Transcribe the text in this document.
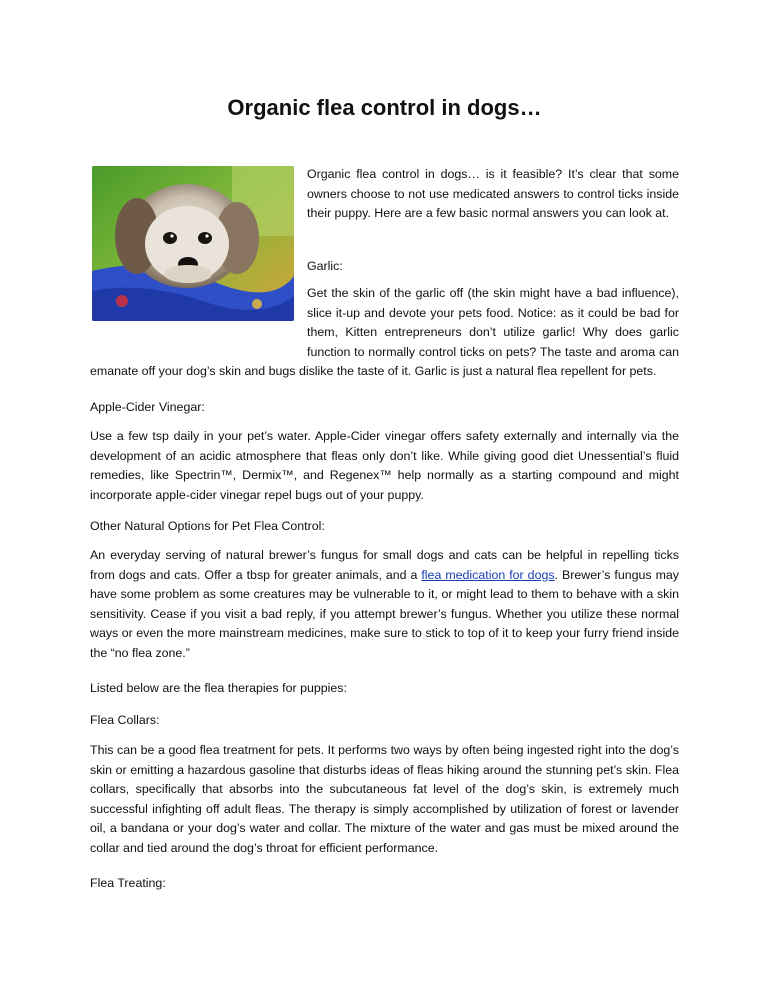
Organic flea control in dogs…

Organic flea control in dogs… is it feasible? It’s clear that some owners choose to not use medicated answers to control ticks inside their puppy. Here are a few basic normal answers you can look at.

Garlic:

Get the skin of the garlic off (the skin might have a bad influence), slice it-up and devote your pets food. Notice: as it could be bad for them, Kitten entrepreneurs don’t utilize garlic! Why does garlic function to normally control ticks on pets? The taste and aroma can emanate off your dog’s skin and bugs dislike the taste of it. Garlic is just a natural flea repellent for pets.

Apple-Cider Vinegar:

Use a few tsp daily in your pet’s water. Apple-Cider vinegar offers safety externally and internally via the development of an acidic atmosphere that fleas only don’t like. While giving good diet Unessential’s fluid remedies, like Spectrin™, Dermix™, and Regenex™ help normally as a starting compound and might incorporate apple-cider vinegar repel bugs out of your puppy.

Other Natural Options for Pet Flea Control:

An everyday serving of natural brewer’s fungus for small dogs and cats can be helpful in repelling ticks from dogs and cats. Offer a tbsp for greater animals, and a flea medication for dogs. Brewer’s fungus may have some problem as some creatures may be vulnerable to it, or might lead to them to behave with a skin sensitivity. Cease if you visit a bad reply, if you attempt brewer’s fungus. Whether you utilize these normal ways or even the more mainstream medicines, make sure to stick to top of it to keep your furry friend inside the “no flea zone.”

Listed below are the flea therapies for puppies:

Flea Collars:

This can be a good flea treatment for pets. It performs two ways by often being ingested right into the dog’s skin or emitting a hazardous gasoline that disturbs ideas of fleas hiking around the stunning pet’s skin. Flea collars, specifically that absorbs into the subcutaneous fat level of the dog’s skin, is extremely much successful infighting off adult fleas. The therapy is simply accomplished by utilization of forest or lavender oil, a bandana or your dog’s water and collar. The mixture of the water and gas must be mixed around the collar and tied around the dog’s throat for efficient performance.

Flea Treating:
